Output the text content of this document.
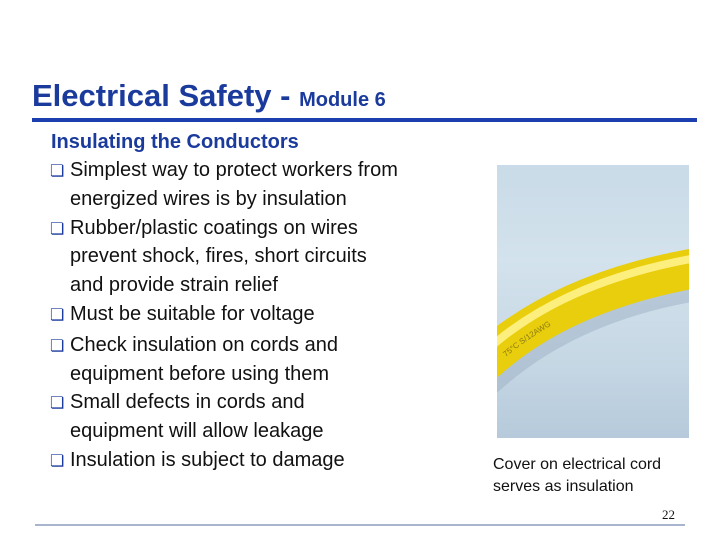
Electrical Safety - Module 6
Insulating the Conductors
❏ Simplest way to protect workers from
energized wires is by insulation
❏ Rubber/plastic coatings on wires
prevent shock, fires, short circuits
and provide strain relief
❏ Must be suitable for voltage
❏ Check insulation on cords and
equipment before using them
❏ Small defects in cords and
equipment will allow leakage
❏ Insulation is subject to damage
75°C S/12AWG
Cover on electrical cord
serves as insulation
22
